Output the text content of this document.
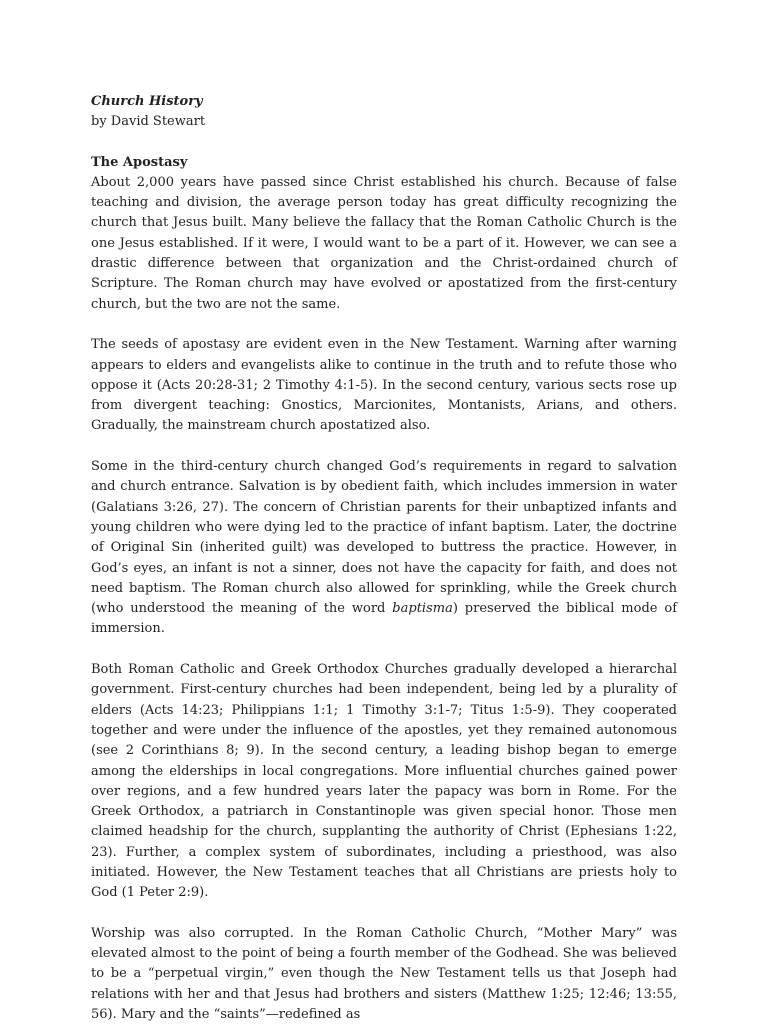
Church History

by David Stewart

The Apostasy

About 2,000 years have passed since Christ established his church. Because of false teaching and division, the average person today has great difficulty recognizing the church that Jesus built. Many believe the fallacy that the Roman Catholic Church is the one Jesus established. If it were, I would want to be a part of it. However, we can see a drastic difference between that organization and the Christ-ordained church of Scripture. The Roman church may have evolved or apostatized from the first-century church, but the two are not the same.

The seeds of apostasy are evident even in the New Testament. Warning after warning appears to elders and evangelists alike to continue in the truth and to refute those who oppose it (Acts 20:28-31; 2 Timothy 4:1-5). In the second century, various sects rose up from divergent teaching: Gnostics, Marcionites, Montanists, Arians, and others. Gradually, the mainstream church apostatized also.

Some in the third-century church changed God’s requirements in regard to salvation and church entrance. Salvation is by obedient faith, which includes immersion in water (Galatians 3:26, 27). The concern of Christian parents for their unbaptized infants and young children who were dying led to the practice of infant baptism. Later, the doctrine of Original Sin (inherited guilt) was developed to buttress the practice. However, in God’s eyes, an infant is not a sinner, does not have the capacity for faith, and does not need baptism. The Roman church also allowed for sprinkling, while the Greek church (who understood the meaning of the word baptisma) preserved the biblical mode of immersion.

Both Roman Catholic and Greek Orthodox Churches gradually developed a hierarchal government. First-century churches had been independent, being led by a plurality of elders (Acts 14:23; Philippians 1:1; 1 Timothy 3:1-7; Titus 1:5-9). They cooperated together and were under the influence of the apostles, yet they remained autonomous (see 2 Corinthians 8; 9). In the second century, a leading bishop began to emerge among the elderships in local congregations. More influential churches gained power over regions, and a few hundred years later the papacy was born in Rome. For the Greek Orthodox, a patriarch in Constantinople was given special honor. Those men claimed headship for the church, supplanting the authority of Christ (Ephesians 1:22, 23). Further, a complex system of subordinates, including a priesthood, was also initiated. However, the New Testament teaches that all Christians are priests holy to God (1 Peter 2:9).

Worship was also corrupted. In the Roman Catholic Church, “Mother Mary” was elevated almost to the point of being a fourth member of the Godhead. She was believed to be a “perpetual virgin,” even though the New Testament tells us that Joseph had relations with her and that Jesus had brothers and sisters (Matthew 1:25; 12:46; 13:55, 56). Mary and the “saints”—redefined as
